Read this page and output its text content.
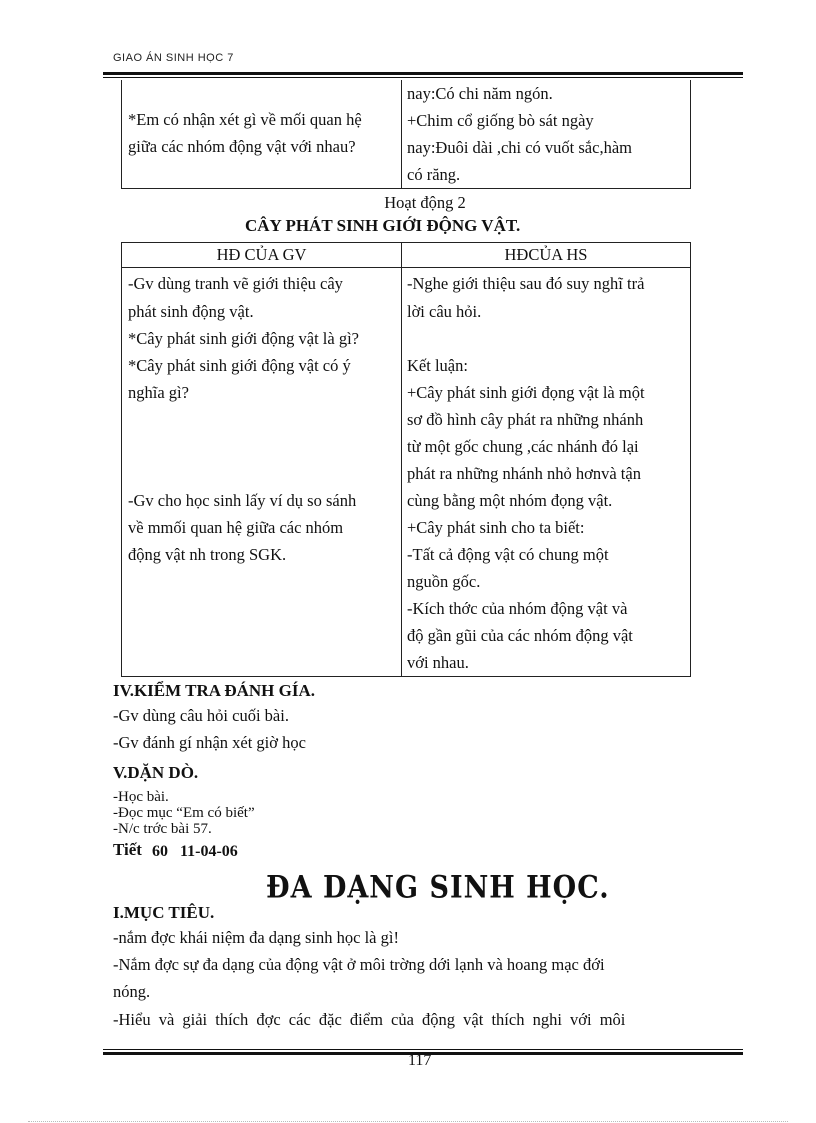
GIAO ÁN SINH HỌC 7
*Em có nhận xét gì về mối quan hệ
giữa các nhóm động vật với nhau?
nay:Có chi năm ngón.
+Chim cổ giống bò sát ngày
nay:Đuôi dài ,chi có vuốt sắc,hàm
có răng.
Hoạt động 2
CÂY PHÁT SINH GIỚI ĐỘNG VẬT.
HĐ CỦA GV	HĐCỦA HS
-Gv dùng tranh vẽ giới thiệu cây
phát sinh động vật.
*Cây phát sinh giới động vật là gì?
*Cây phát sinh giới động vật có ý
nghĩa gì?
-Gv cho học sinh lấy ví dụ so sánh
về mmối quan hệ giữa các nhóm
động vật nh trong SGK.
-Nghe giới thiệu sau đó suy nghĩ trả
lời câu hỏi.
Kết luận:
+Cây phát sinh giới đọng vật là một
sơ đồ hình cây phát ra những nhánh
từ một gốc chung ,các nhánh đó lại
phát ra những nhánh nhỏ hơnvà tận
cùng bằng một nhóm đọng vật.
+Cây phát sinh cho ta biết:
-Tất cả động vật có chung một
nguồn gốc.
-Kích thớc của nhóm động vật và
độ gần gũi của các nhóm động vật
với nhau.
IV.KIỂM TRA ĐÁNH GÍA.
-Gv dùng câu hỏi cuối bài.
-Gv đánh gí nhận xét giờ học
V.DẶN DÒ.
-Học bài.
-Đọc mục “Em có biết”
-N/c trớc bài 57.
Tiết 60   11-04-06
ĐA DẠNG SINH HỌC.
I.MỤC TIÊU.
-nắm đợc khái niệm đa dạng sinh học là gì!
-Nắm đợc sự đa dạng của động vật ở môi trờng dới lạnh và hoang mạc đới
nóng.
-Hiểu và giải thích đợc các đặc điểm của động vật thích nghi với môi
117
